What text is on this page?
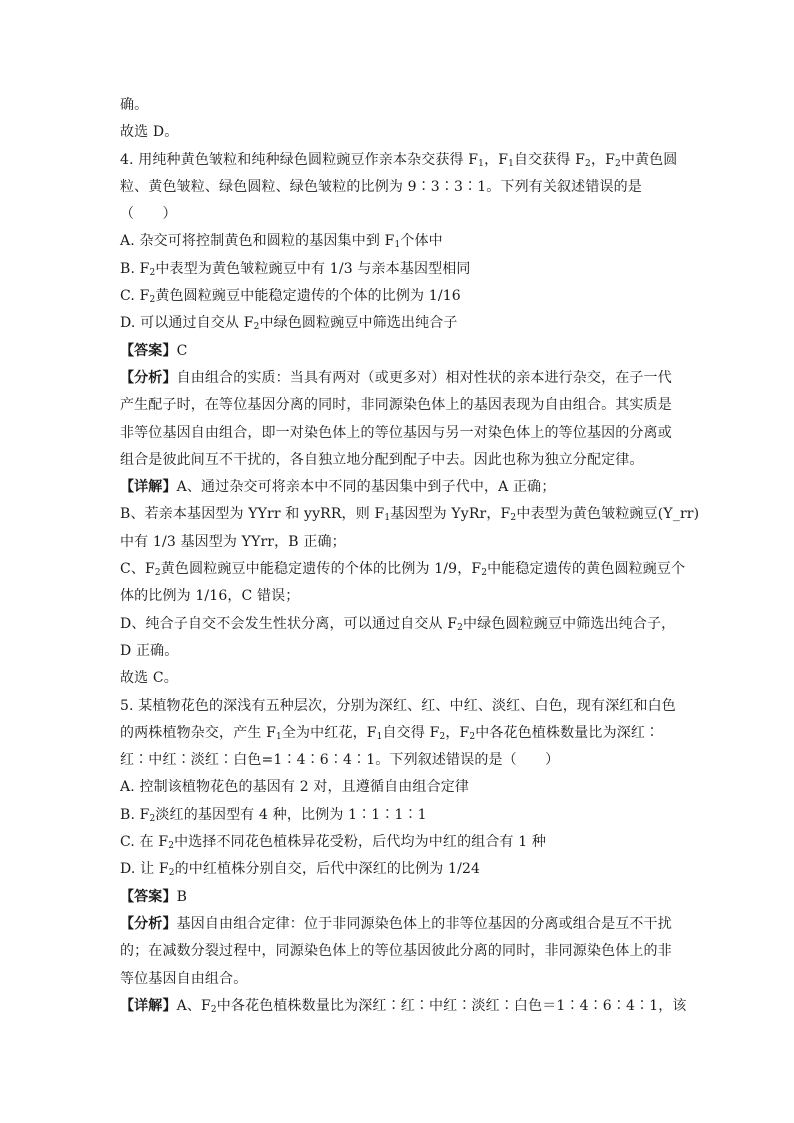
确。
故选 D。
4. 用纯种黄色皱粒和纯种绿色圆粒豌豆作亲本杂交获得 $F_1$，$F_1$自交获得 $F_2$，$F_2$中黄色圆
粒、黄色皱粒、绿色圆粒、绿色皱粒的比例为 9∶3∶3∶1。下列有关叙述错误的是
（　　）
A. 杂交可将控制黄色和圆粒的基因集中到 $F_1$个体中
B. $F_2$中表型为黄色皱粒豌豆中有 1/3 与亲本基因型相同
C. $F_2$黄色圆粒豌豆中能稳定遗传的个体的比例为 1/16
D. 可以通过自交从 $F_2$中绿色圆粒豌豆中筛选出纯合子
【答案】C
【分析】自由组合的实质：当具有两对（或更多对）相对性状的亲本进行杂交，在子一代
产生配子时，在等位基因分离的同时，非同源染色体上的基因表现为自由组合。其实质是
非等位基因自由组合，即一对染色体上的等位基因与另一对染色体上的等位基因的分离或
组合是彼此间互不干扰的，各自独立地分配到配子中去。因此也称为独立分配定律。
【详解】A、通过杂交可将亲本中不同的基因集中到子代中，A 正确；
B、若亲本基因型为 YYrr 和 yyRR，则 $F_1$基因型为 YyRr，$F_2$中表型为黄色皱粒豌豆(Y_rr)
中有 1/3 基因型为 YYrr，B 正确；
C、$F_2$黄色圆粒豌豆中能稳定遗传的个体的比例为 1/9，$F_2$中能稳定遗传的黄色圆粒豌豆个
体的比例为 1/16，C 错误；
D、纯合子自交不会发生性状分离，可以通过自交从 $F_2$中绿色圆粒豌豆中筛选出纯合子，
D 正确。
故选 C。
5. 某植物花色的深浅有五种层次，分别为深红、红、中红、淡红、白色，现有深红和白色
的两株植物杂交，产生 $F_1$全为中红花，$F_1$自交得 $F_2$，$F_2$中各花色植株数量比为深红∶
红∶中红∶淡红∶白色=1∶4∶6∶4∶1。下列叙述错误的是（　　）
A. 控制该植物花色的基因有 2 对，且遵循自由组合定律
B. $F_2$淡红的基因型有 4 种，比例为 1∶1∶1∶1
C. 在 $F_2$中选择不同花色植株异花受粉，后代均为中红的组合有 1 种
D. 让 $F_2$的中红植株分别自交，后代中深红的比例为 1/24
【答案】B
【分析】基因自由组合定律：位于非同源染色体上的非等位基因的分离或组合是互不干扰
的；在减数分裂过程中，同源染色体上的等位基因彼此分离的同时，非同源染色体上的非
等位基因自由组合。
【详解】A、$F_2$中各花色植株数量比为深红∶红∶中红∶淡红∶白色＝1∶4∶6∶4∶1，该
